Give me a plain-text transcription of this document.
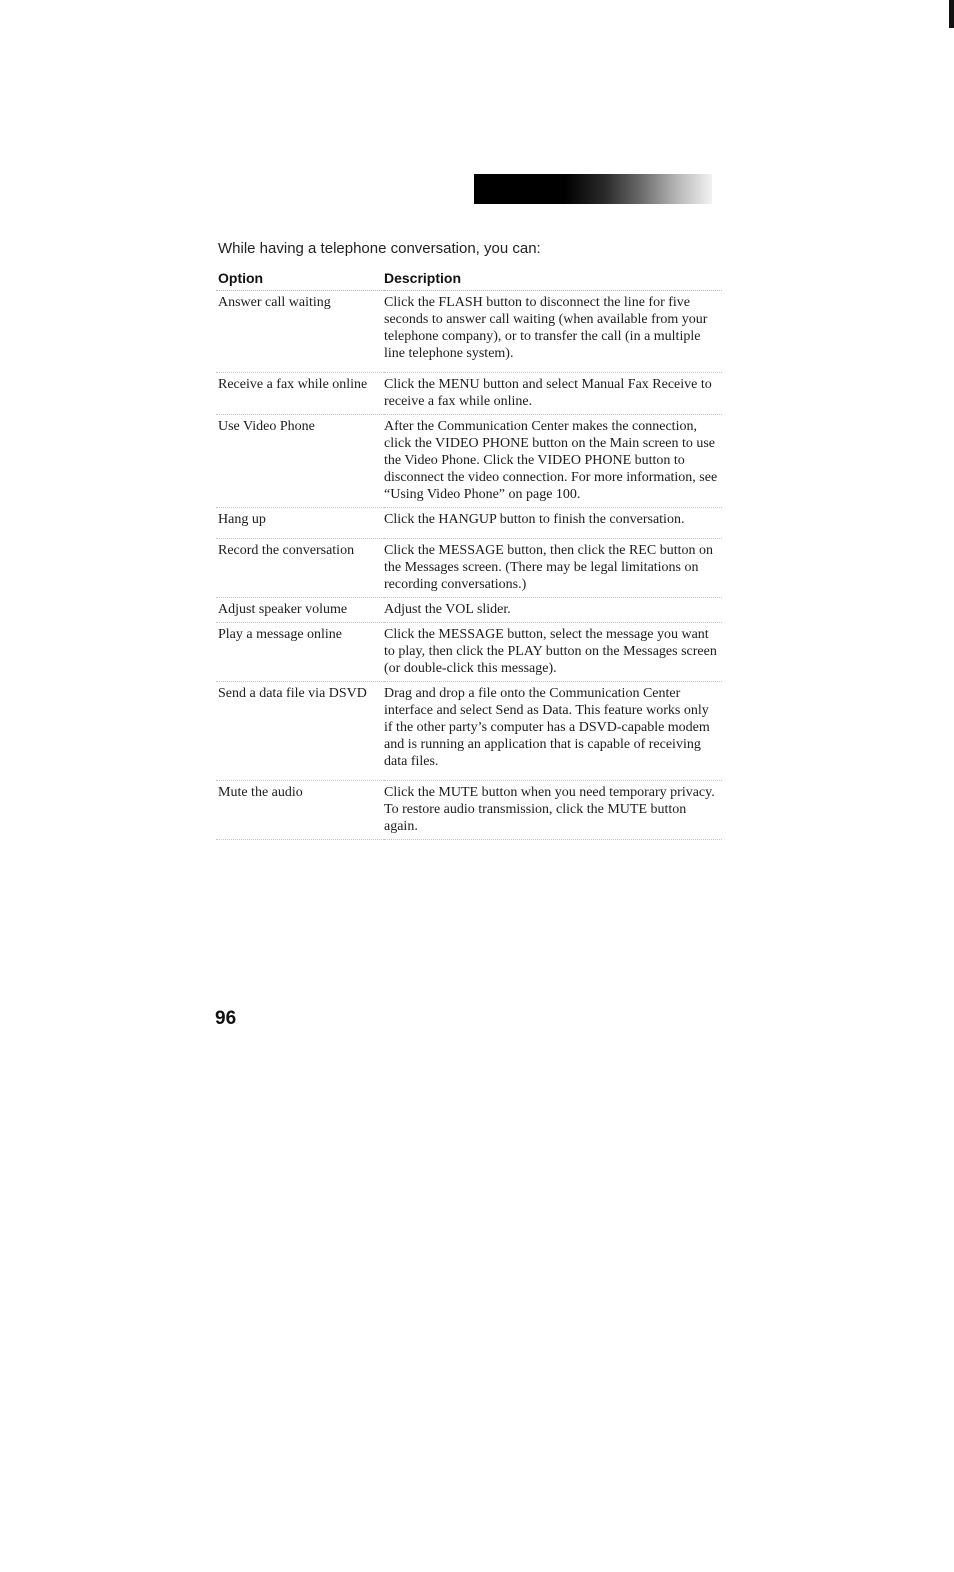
While having a telephone conversation, you can:

Option	Description
Answer call waiting	Click the FLASH button to disconnect the line for five seconds to answer call waiting (when available from your telephone company), or to transfer the call (in a multiple line telephone system).
Receive a fax while online	Click the MENU button and select Manual Fax Receive to receive a fax while online.
Use Video Phone	After the Communication Center makes the connection, click the VIDEO PHONE button on the Main screen to use the Video Phone. Click the VIDEO PHONE button to disconnect the video connection. For more information, see “Using Video Phone” on page 100.
Hang up	Click the HANGUP button to finish the conversation.
Record the conversation	Click the MESSAGE button, then click the REC button on the Messages screen. (There may be legal limitations on recording conversations.)
Adjust speaker volume	Adjust the VOL slider.
Play a message online	Click the MESSAGE button, select the message you want to play, then click the PLAY button on the Messages screen (or double-click this message).
Send a data file via DSVD	Drag and drop a file onto the Communication Center interface and select Send as Data. This feature works only if the other party’s computer has a DSVD-capable modem and is running an application that is capable of receiving data files.
Mute the audio	Click the MUTE button when you need temporary privacy. To restore audio transmission, click the MUTE button again.

96
